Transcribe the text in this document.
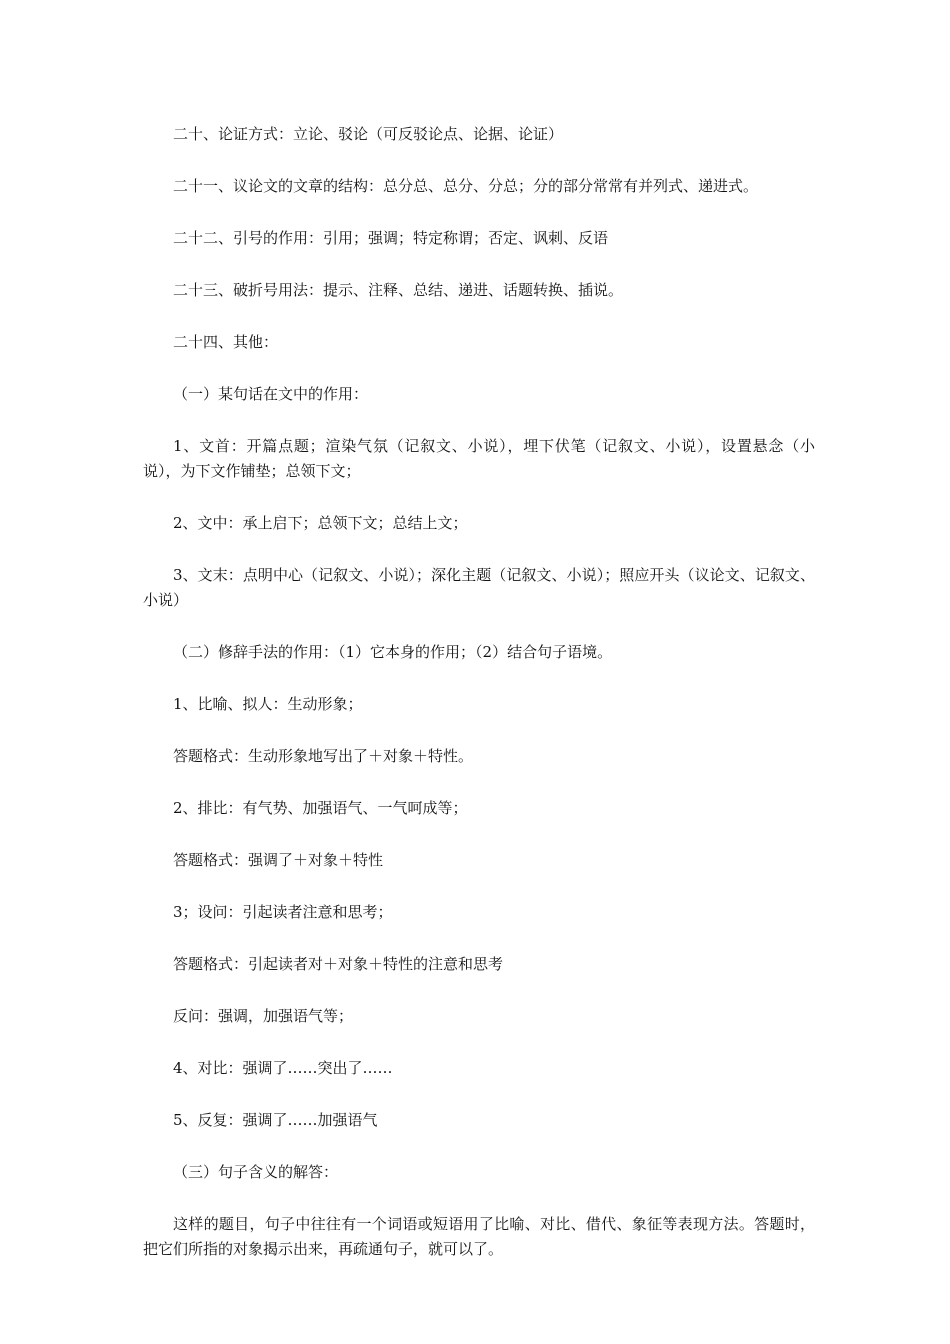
二十、论证方式：立论、驳论（可反驳论点、论据、论证）

二十一、议论文的文章的结构：总分总、总分、分总；分的部分常常有并列式、递进式。

二十二、引号的作用：引用；强调；特定称谓；否定、讽刺、反语

二十三、破折号用法：提示、注释、总结、递进、话题转换、插说。

二十四、其他：

（一）某句话在文中的作用：

1、文首：开篇点题；渲染气氛（记叙文、小说），埋下伏笔（记叙文、小说），设置悬念（小说），为下文作铺垫；总领下文；

2、文中：承上启下；总领下文；总结上文；

3、文末：点明中心（记叙文、小说）；深化主题（记叙文、小说）；照应开头（议论文、记叙文、小说）

（二）修辞手法的作用：（1）它本身的作用；（2）结合句子语境。

1、比喻、拟人：生动形象；

答题格式：生动形象地写出了＋对象＋特性。

2、排比：有气势、加强语气、一气呵成等；

答题格式：强调了＋对象＋特性

3；设问：引起读者注意和思考；

答题格式：引起读者对＋对象＋特性的注意和思考

反问：强调，加强语气等；

4、对比：强调了……突出了……

5、反复：强调了……加强语气

（三）句子含义的解答：

这样的题目，句子中往往有一个词语或短语用了比喻、对比、借代、象征等表现方法。答题时，把它们所指的对象揭示出来，再疏通句子，就可以了。
